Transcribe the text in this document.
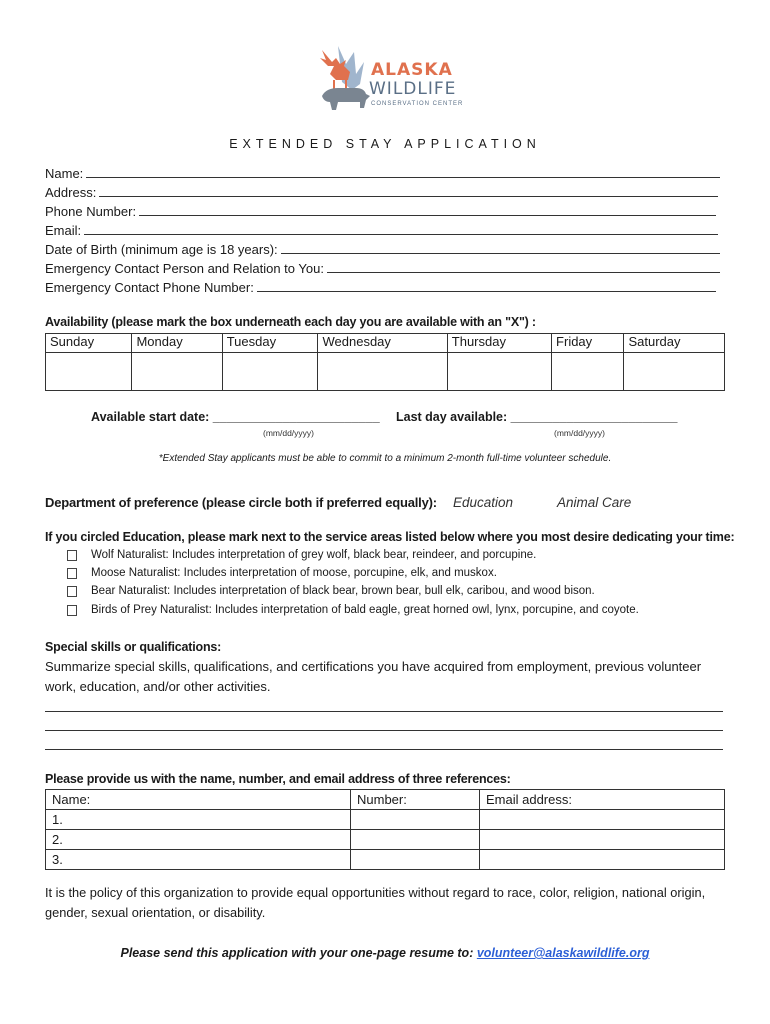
ALASKA
WILDLIFE
CONSERVATION CENTER
EXTENDED STAY APPLICATION
Name:
Address:
Phone Number:
Email:
Date of Birth (minimum age is 18 years):
Emergency Contact Person and Relation to You:
Emergency Contact Phone Number:
Availability (please mark the box underneath each day you are available with an "X") :
Sunday	Monday	Tuesday	Wednesday	Thursday	Friday	Saturday

Available start date: ________________________
(mm/dd/yyyy)
Last day available: ________________________
(mm/dd/yyyy)
*Extended Stay applicants must be able to commit to a minimum 2-month full-time volunteer schedule.
Department of preference (please circle both if preferred equally): Education	Animal Care
If you circled Education, please mark next to the service areas listed below where you most desire dedicating your time:
Wolf Naturalist: Includes interpretation of grey wolf, black bear, reindeer, and porcupine.
Moose Naturalist: Includes interpretation of moose, porcupine, elk, and muskox.
Bear Naturalist: Includes interpretation of black bear, brown bear, bull elk, caribou, and wood bison.
Birds of Prey Naturalist: Includes interpretation of bald eagle, great horned owl, lynx, porcupine, and coyote.
Special skills or qualifications:
Summarize special skills, qualifications, and certifications you have acquired from employment, previous volunteer work, education, and/or other activities.
Please provide us with the name, number, and email address of three references:
Name:	Number:	Email address:
1.		
2.		
3.		
It is the policy of this organization to provide equal opportunities without regard to race, color, religion, national origin, gender, sexual orientation, or disability.
Please send this application with your one-page resume to: volunteer@alaskawildlife.org
